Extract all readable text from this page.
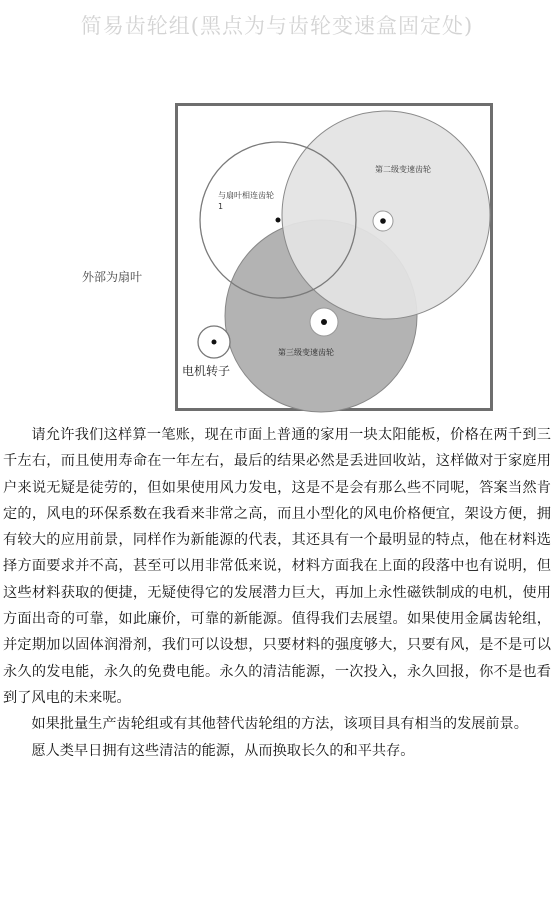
简易齿轮组(黑点为与齿轮变速盒固定处)
外部为扇叶
与扇叶相连齿轮
1
第二级变速齿轮
第三级变速齿轮
电机转子

请允许我们这样算一笔账，现在市面上普通的家用一块太阳能板，价格在两千到三千左右，而且使用寿命在一年左右，最后的结果必然是丢进回收站，这样做对于家庭用户来说无疑是徒劳的，但如果使用风力发电，这是不是会有那么些不同呢，答案当然肯定的，风电的环保系数在我看来非常之高，而且小型化的风电价格便宜，架设方便，拥有较大的应用前景，同样作为新能源的代表，其还具有一个最明显的特点，他在材料选择方面要求并不高，甚至可以用非常低来说，材料方面我在上面的段落中也有说明，但这些材料获取的便捷，无疑使得它的发展潜力巨大，再加上永性磁铁制成的电机，使用方面出奇的可靠，如此廉价，可靠的新能源。值得我们去展望。如果使用金属齿轮组，并定期加以固体润滑剂，我们可以设想，只要材料的强度够大，只要有风，是不是可以永久的发电能，永久的免费电能。永久的清洁能源，一次投入，永久回报，你不是也看到了风电的未来呢。

如果批量生产齿轮组或有其他替代齿轮组的方法，该项目具有相当的发展前景。

愿人类早日拥有这些清洁的能源，从而换取长久的和平共存。
